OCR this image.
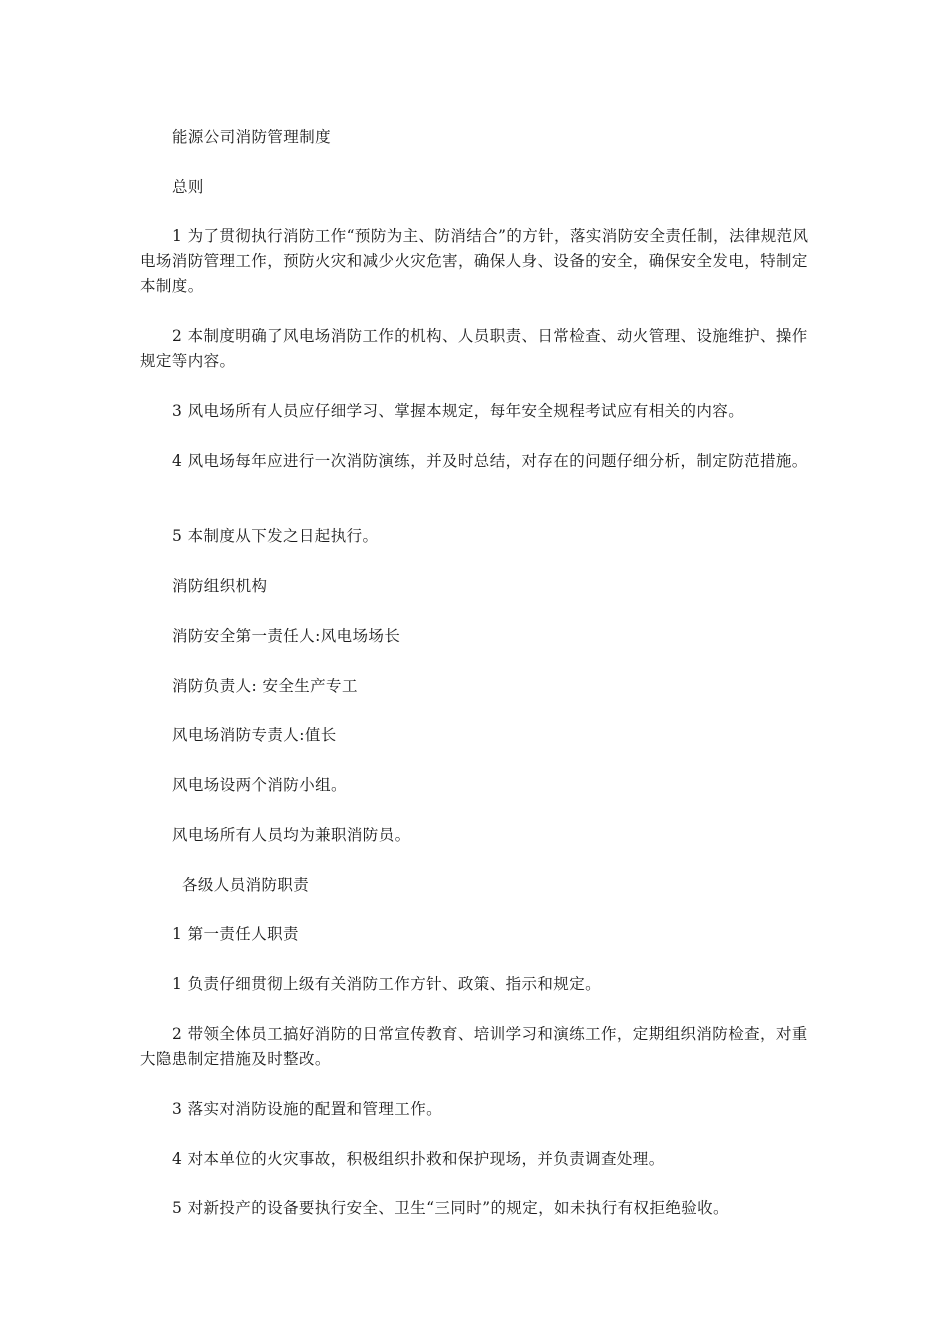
能源公司消防管理制度

总则

1 为了贯彻执行消防工作“预防为主、防消结合”的方针，落实消防安全责任制，法律规范风电场消防管理工作，预防火灾和减少火灾危害，确保人身、设备的安全，确保安全发电，特制定本制度。

2 本制度明确了风电场消防工作的机构、人员职责、日常检查、动火管理、设施维护、操作规定等内容。

3 风电场所有人员应仔细学习、掌握本规定，每年安全规程考试应有相关的内容。

4 风电场每年应进行一次消防演练，并及时总结，对存在的问题仔细分析，制定防范措施。

5 本制度从下发之日起执行。

消防组织机构

消防安全第一责任人:风电场场长

消防负责人: 安全生产专工

风电场消防专责人:值长

风电场设两个消防小组。

风电场所有人员均为兼职消防员。

各级人员消防职责

1 第一责任人职责

1 负责仔细贯彻上级有关消防工作方针、政策、指示和规定。

2 带领全体员工搞好消防的日常宣传教育、培训学习和演练工作，定期组织消防检查，对重大隐患制定措施及时整改。

3 落实对消防设施的配置和管理工作。

4 对本单位的火灾事故，积极组织扑救和保护现场，并负责调查处理。

5 对新投产的设备要执行安全、卫生“三同时”的规定，如未执行有权拒绝验收。
